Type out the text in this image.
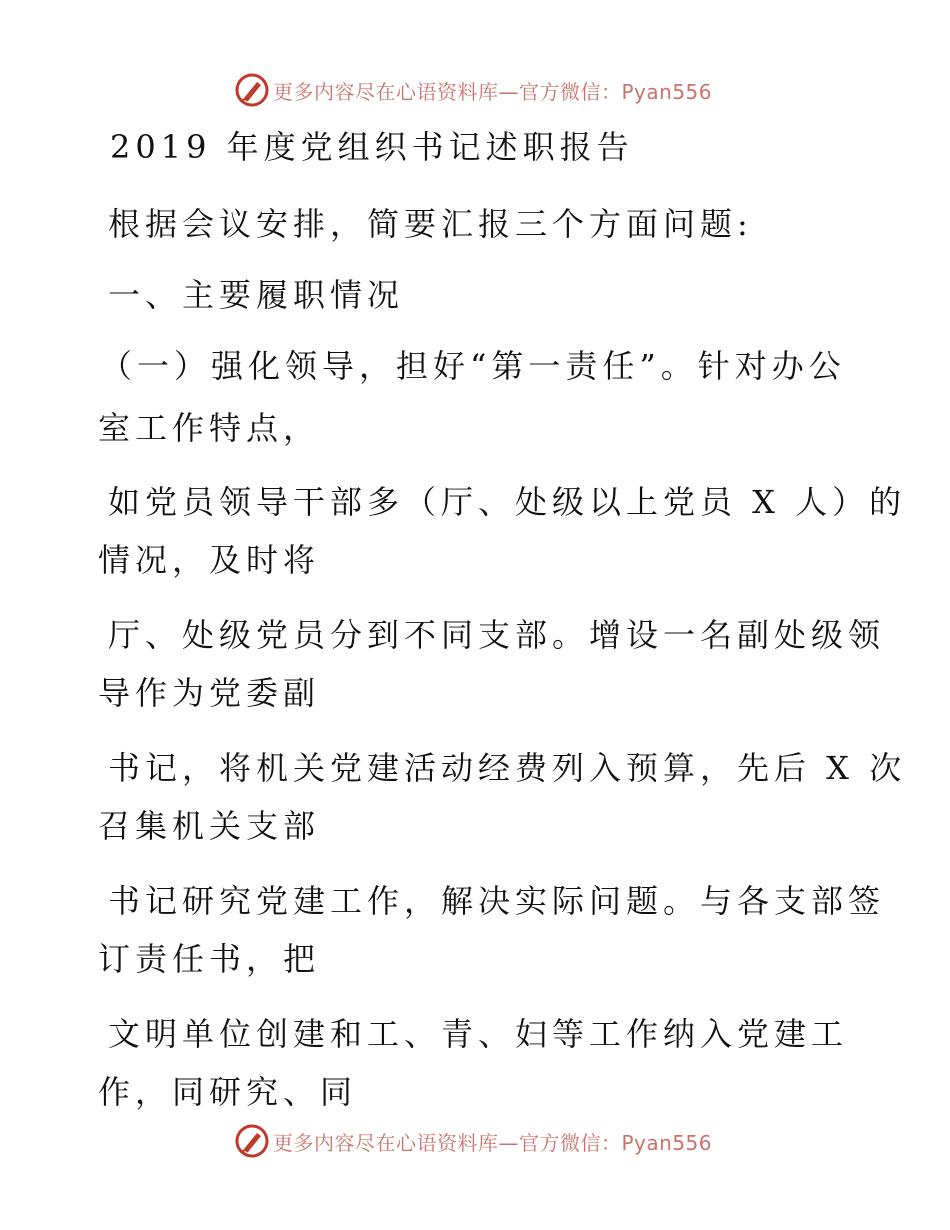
更多内容尽在心语资料库—官方微信：Pyan556
2019 年度党组织书记述职报告
根据会议安排，简要汇报三个方面问题:
一、主要履职情况
（一）强化领导，担好“第一责任”。针对办公
室工作特点，
如党员领导干部多（厅、处级以上党员 X 人）的
情况，及时将
厅、处级党员分到不同支部。增设一名副处级领
导作为党委副
书记，将机关党建活动经费列入预算，先后 X 次
召集机关支部
书记研究党建工作，解决实际问题。与各支部签
订责任书，把
文明单位创建和工、青、妇等工作纳入党建工
作，同研究、同
更多内容尽在心语资料库—官方微信：Pyan556
